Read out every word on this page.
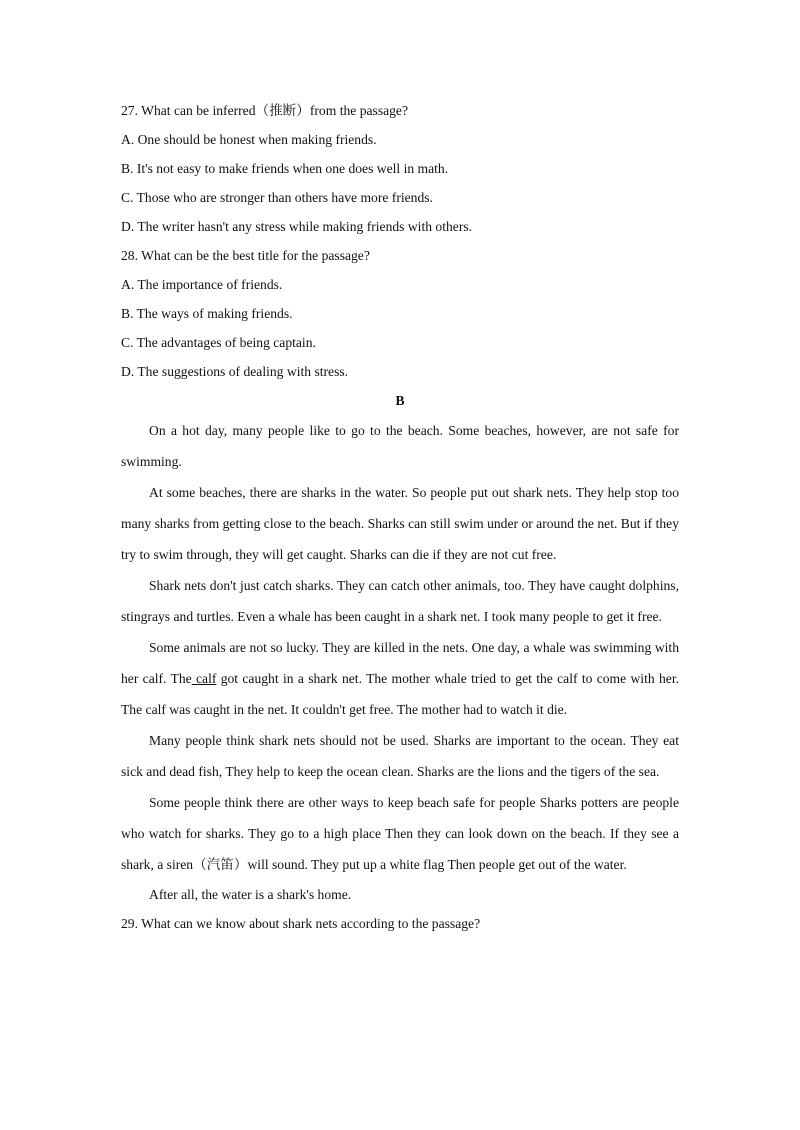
27. What can be inferred（推断）from the passage?
A. One should be honest when making friends.
B. It's not easy to make friends when one does well in math.
C. Those who are stronger than others have more friends.
D. The writer hasn't any stress while making friends with others.
28. What can be the best title for the passage?
A. The importance of friends.
B. The ways of making friends.
C. The advantages of being captain.
D. The suggestions of dealing with stress.
B
On a hot day, many people like to go to the beach. Some beaches, however, are not safe for swimming.
At some beaches, there are sharks in the water. So people put out shark nets. They help stop too many sharks from getting close to the beach. Sharks can still swim under or around the net. But if they try to swim through, they will get caught. Sharks can die if they are not cut free.
Shark nets don't just catch sharks. They can catch other animals, too. They have caught dolphins, stingrays and turtles. Even a whale has been caught in a shark net. I took many people to get it free.
Some animals are not so lucky. They are killed in the nets. One day, a whale was swimming with her calf. The calf got caught in a shark net. The mother whale tried to get the calf to come with her. The calf was caught in the net. It couldn't get free. The mother had to watch it die.
Many people think shark nets should not be used. Sharks are important to the ocean. They eat sick and dead fish, They help to keep the ocean clean. Sharks are the lions and the tigers of the sea.
Some people think there are other ways to keep beach safe for people Sharks potters are people who watch for sharks. They go to a high place Then they can look down on the beach. If they see a shark, a siren（汽笛）will sound. They put up a white flag Then people get out of the water.
After all, the water is a shark's home.
29. What can we know about shark nets according to the passage?
